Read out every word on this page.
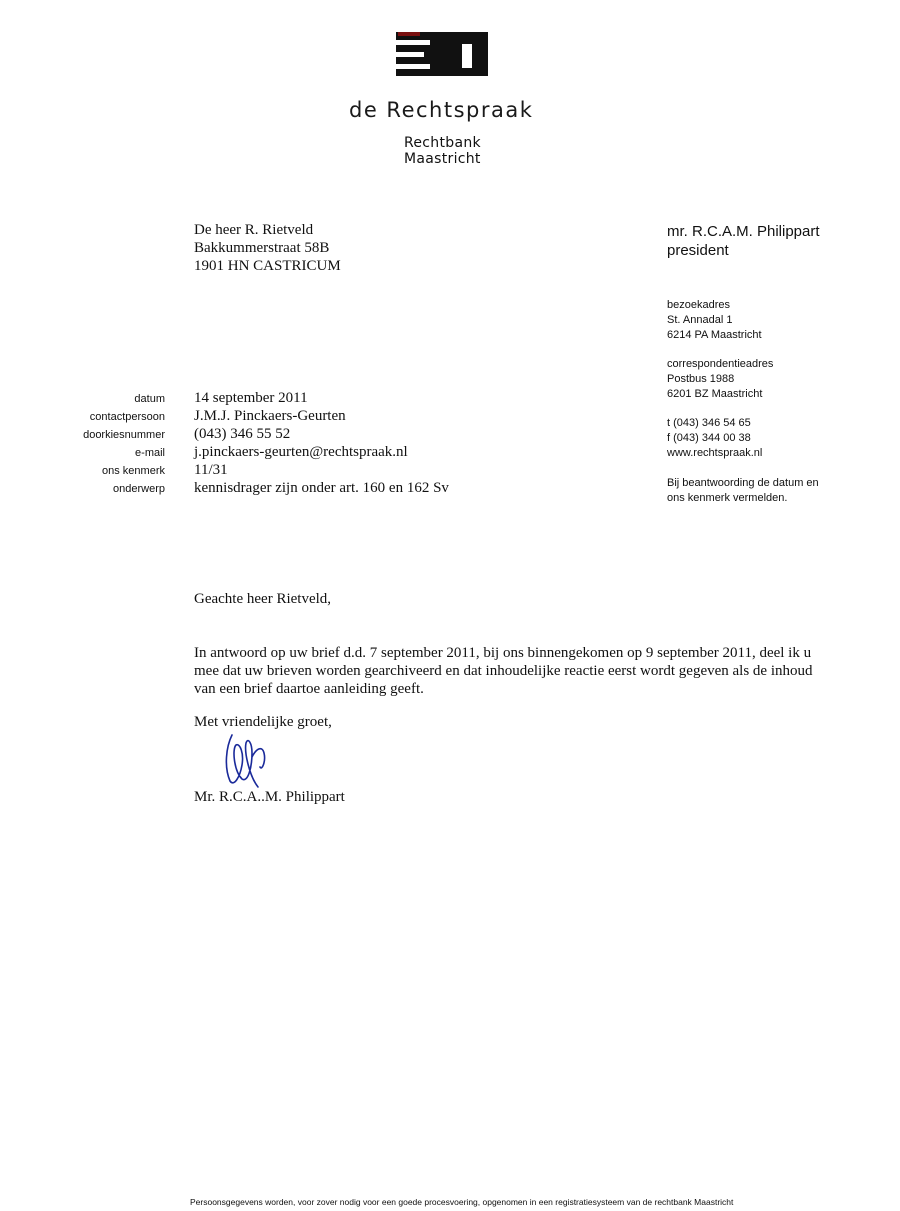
de Rechtspraak
Rechtbank
Maastricht
De heer R. Rietveld
Bakkummerstraat 58B
1901 HN CASTRICUM
mr. R.C.A.M. Philippart
president
bezoekadres
St. Annadal 1
6214 PA Maastricht
correspondentieadres
Postbus 1988
6201 BZ Maastricht
t (043) 346 54 65
f (043) 344 00 38
www.rechtspraak.nl
Bij beantwoording de datum en
ons kenmerk vermelden.
datum 14 september 2011
contactpersoon J.M.J. Pinckaers-Geurten
doorkiesnummer (043) 346 55 52
e-mail j.pinckaers-geurten@rechtspraak.nl
ons kenmerk 11/31
onderwerp kennisdrager zijn onder art. 160 en 162 Sv
Geachte heer Rietveld,
In antwoord op uw brief d.d. 7 september 2011, bij ons binnengekomen op 9 september 2011, deel ik u
mee dat uw brieven worden gearchiveerd en dat inhoudelijke reactie eerst wordt gegeven als de inhoud
van een brief daartoe aanleiding geeft.
Met vriendelijke groet,
Mr. R.C.A..M. Philippart
Persoonsgegevens worden, voor zover nodig voor een goede procesvoering, opgenomen in een registratiesysteem van de rechtbank Maastricht
